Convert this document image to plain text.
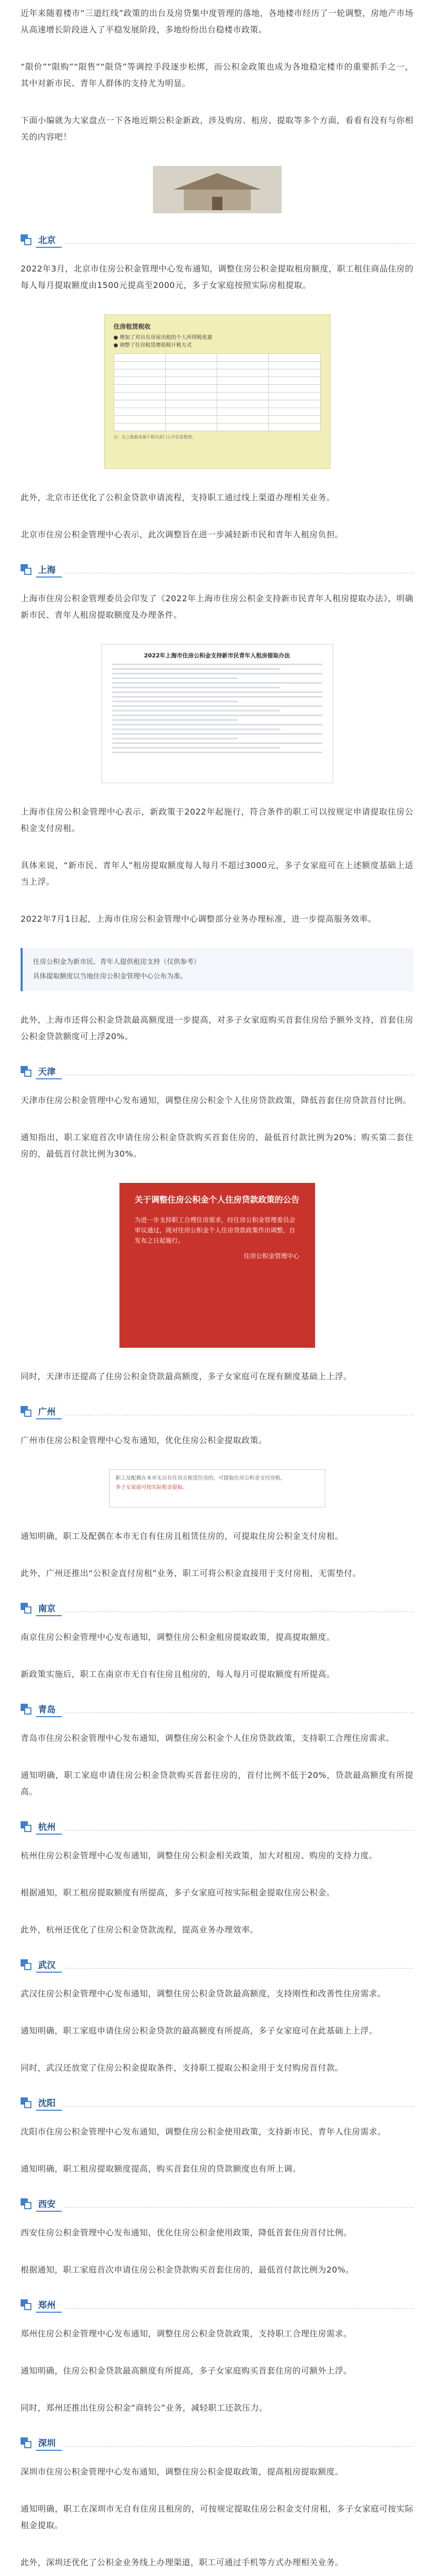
近年来随着楼市“三道红线”政策的出台及房贷集中度管理的落地，各地楼市经历了一轮调整，房地产市场从高速增长阶段进入了平稳发展阶段，多地纷纷出台稳楼市政策。

“限价”“限购”“限售”“限贷”等调控手段逐步松绑，而公积金政策也成为各地稳定楼市的重要抓手之一，其中对新市民、青年人群体的支持尤为明显。

下面小编就为大家盘点一下各地近期公积金新政，涉及购房、租房、提取等多个方面，看看有没有与你相关的内容吧！

北京

2022年3月，北京市住房公积金管理中心发布通知，调整住房公积金提取租房额度，职工租住商品住房的每人每月提取额度由1500元提高至2000元，多子女家庭按照实际房租提取。

住房租赁税收
● 增加了对自有房屋出租的个人所得税优惠
● 调整了住房租赁增值税计税方式

注：以上数据来源于相关部门公开信息整理。

此外，北京市还优化了公积金贷款申请流程，支持职工通过线上渠道办理相关业务。

北京市住房公积金管理中心表示，此次调整旨在进一步减轻新市民和青年人租房负担。

上海

上海市住房公积金管理委员会印发了《2022年上海市住房公积金支持新市民青年人租房提取办法》，明确新市民、青年人租房提取额度及办理条件。

2022年上海市住房公积金支持新市民青年人租房提取办法

上海市住房公积金管理中心表示，新政策于2022年起施行，符合条件的职工可以按规定申请提取住房公积金支付房租。

具体来说，“新市民、青年人”租房提取额度每人每月不超过3000元，多子女家庭可在上述额度基础上适当上浮。

2022年7月1日起，上海市住房公积金管理中心调整部分业务办理标准，进一步提高服务效率。

住房公积金为新市民、青年人提供租房支持（仅供参考）
具体提取额度以当地住房公积金管理中心公布为准。

此外，上海市还将公积金贷款最高额度进一步提高，对多子女家庭购买首套住房给予额外支持，首套住房公积金贷款额度可上浮20%。

天津

天津市住房公积金管理中心发布通知，调整住房公积金个人住房贷款政策，降低首套住房贷款首付比例。

通知指出，职工家庭首次申请住房公积金贷款购买首套住房的，最低首付款比例为20%；购买第二套住房的，最低首付款比例为30%。

关于调整住房公积金个人住房贷款政策的公告
为进一步支持职工合理住房需求，经住房公积金管理委员会审议通过，现对住房公积金个人住房贷款政策作出调整，自发布之日起施行。
住房公积金管理中心

同时，天津市还提高了住房公积金贷款最高额度，多子女家庭可在现有额度基础上上浮。

广州

广州市住房公积金管理中心发布通知，优化住房公积金提取政策。

职工及配偶在本市无自有住房且租赁住房的，可提取住房公积金支付房租，
多子女家庭可按实际租金提取。

通知明确，职工及配偶在本市无自有住房且租赁住房的，可提取住房公积金支付房租。

此外，广州还推出“公积金直付房租”业务，职工可将公积金直接用于支付房租，无需垫付。

南京

南京住房公积金管理中心发布通知，调整住房公积金租房提取政策，提高提取额度。

新政策实施后，职工在南京市无自有住房且租房的，每人每月可提取额度有所提高。

青岛

青岛市住房公积金管理中心发布通知，调整住房公积金个人住房贷款政策，支持职工合理住房需求。

通知明确，职工家庭申请住房公积金贷款购买首套住房的，首付比例不低于20%，贷款最高额度有所提高。

杭州

杭州住房公积金管理中心发布通知，调整住房公积金相关政策，加大对租房、购房的支持力度。

根据通知，职工租房提取额度有所提高，多子女家庭可按实际租金提取住房公积金。

此外，杭州还优化了住房公积金贷款流程，提高业务办理效率。

武汉

武汉住房公积金管理中心发布通知，调整住房公积金贷款最高额度，支持刚性和改善性住房需求。

通知明确，职工家庭申请住房公积金贷款的最高额度有所提高，多子女家庭可在此基础上上浮。

同时，武汉还放宽了住房公积金提取条件，支持职工提取公积金用于支付购房首付款。

沈阳

沈阳市住房公积金管理中心发布通知，调整住房公积金使用政策，支持新市民、青年人住房需求。

通知明确，职工租房提取额度提高，购买首套住房的贷款额度也有所上调。

西安

西安住房公积金管理中心发布通知，优化住房公积金使用政策，降低首套住房首付比例。

根据通知，职工家庭首次申请住房公积金贷款购买首套住房的，最低首付款比例为20%。

郑州

郑州住房公积金管理中心发布通知，调整住房公积金贷款政策，支持职工合理住房需求。

通知明确，住房公积金贷款最高额度有所提高，多子女家庭购买首套住房的可额外上浮。

同时，郑州还推出住房公积金“商转公”业务，减轻职工还款压力。

深圳

深圳市住房公积金管理中心发布通知，调整住房公积金提取政策，提高租房提取额度。

通知明确，职工在深圳市无自有住房且租房的，可按规定提取住房公积金支付房租，多子女家庭可按实际租金提取。

此外，深圳还优化了公积金业务线上办理渠道，职工可通过手机等方式办理相关业务。
